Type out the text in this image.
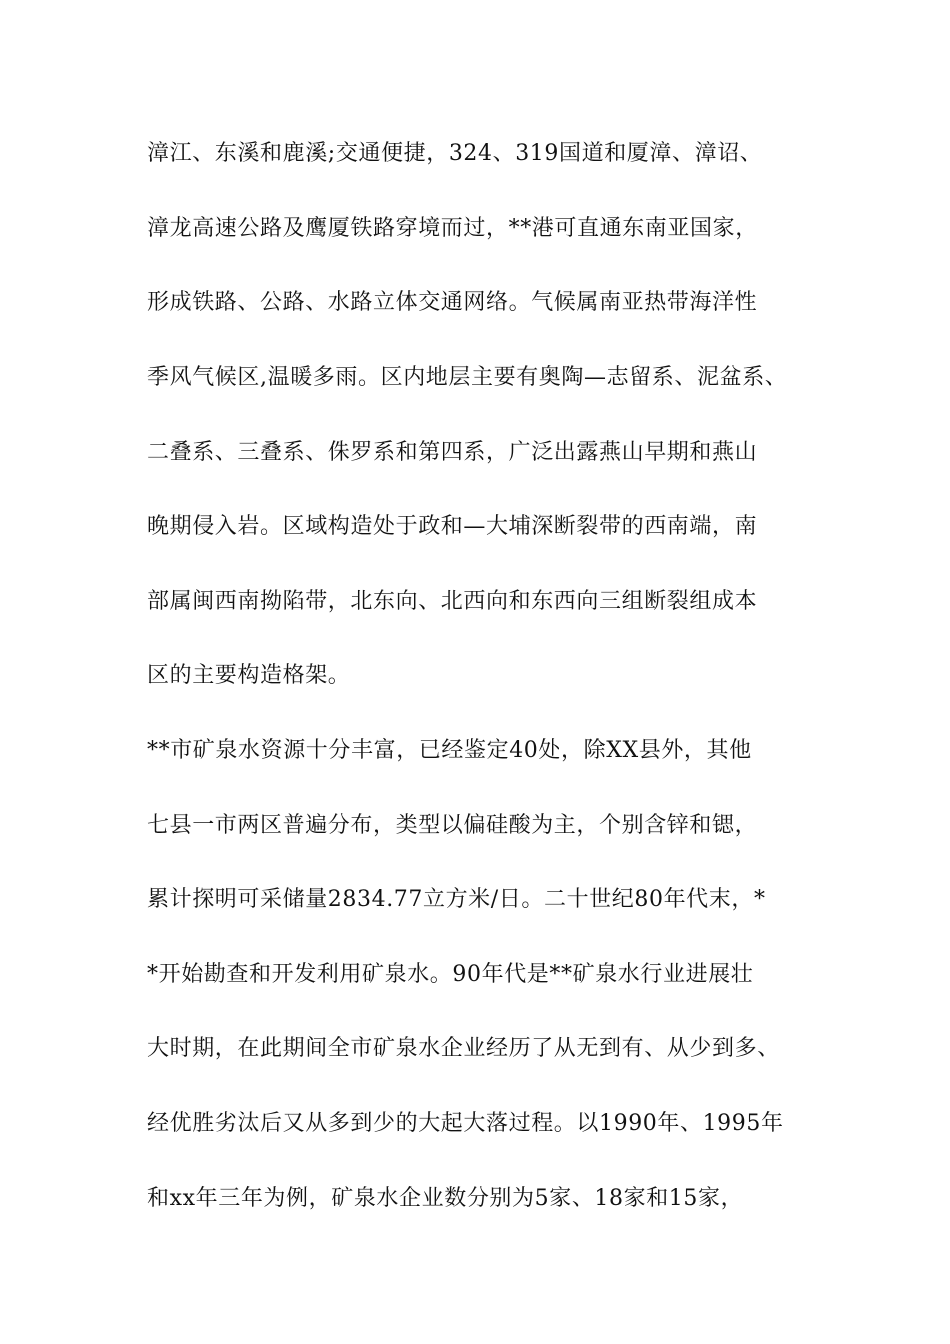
漳江、东溪和鹿溪;交通便捷，324、319国道和厦漳、漳诏、
漳龙高速公路及鹰厦铁路穿境而过，**港可直通东南亚国家，
形成铁路、公路、水路立体交通网络。气候属南亚热带海洋性
季风气候区,温暖多雨。区内地层主要有奥陶—志留系、泥盆系、
二叠系、三叠系、侏罗系和第四系，广泛出露燕山早期和燕山
晚期侵入岩。区域构造处于政和—大埔深断裂带的西南端，南
部属闽西南拗陷带，北东向、北西向和东西向三组断裂组成本
区的主要构造格架。
**市矿泉水资源十分丰富，已经鉴定40处，除XX县外，其他
七县一市两区普遍分布，类型以偏硅酸为主，个别含锌和锶，
累计探明可采储量2834.77立方米/日。二十世纪80年代末，*
*开始勘查和开发利用矿泉水。90年代是**矿泉水行业进展壮
大时期，在此期间全市矿泉水企业经历了从无到有、从少到多、
经优胜劣汰后又从多到少的大起大落过程。以1990年、1995年
和xx年三年为例，矿泉水企业数分别为5家、18家和15家，
